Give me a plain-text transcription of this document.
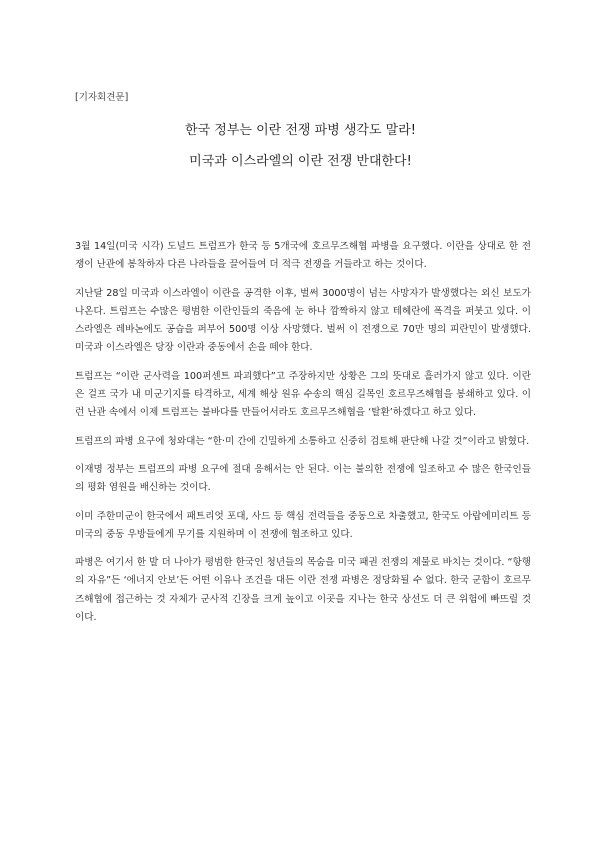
[기자회견문]
한국 정부는 이란 전쟁 파병 생각도 말라!
미국과 이스라엘의 이란 전쟁 반대한다!

3월 14일(미국 시각) 도널드 트럼프가 한국 등 5개국에 호르무즈해협 파병을 요구했다. 이란을 상대로 한 전쟁이 난관에 봉착하자 다른 나라들을 끌어들여 더 적극 전쟁을 거들라고 하는 것이다.

지난달 28일 미국과 이스라엘이 이란을 공격한 이후, 벌써 3000명이 넘는 사망자가 발생했다는 외신 보도가 나온다. 트럼프는 수많은 평범한 이란인들의 죽음에 눈 하나 깜짝하지 않고 테헤란에 폭격을 퍼붓고 있다. 이스라엘은 레바논에도 공습을 퍼부어 500명 이상 사망했다. 벌써 이 전쟁으로 70만 명의 피란민이 발생했다. 미국과 이스라엘은 당장 이란과 중동에서 손을 떼야 한다.

트럼프는 “이란 군사력을 100퍼센트 파괴했다”고 주장하지만 상황은 그의 뜻대로 흘러가지 않고 있다. 이란은 걸프 국가 내 미군기지를 타격하고, 세계 해상 원유 수송의 핵심 길목인 호르무즈해협을 봉쇄하고 있다. 이런 난관 속에서 이제 트럼프는 불바다를 만들어서라도 호르무즈해협을 ‘탈환’하겠다고 하고 있다.

트럼프의 파병 요구에 청와대는 “한·미 간에 긴밀하게 소통하고 신중히 검토해 판단해 나갈 것”이라고 밝혔다.

이재명 정부는 트럼프의 파병 요구에 절대 응해서는 안 된다. 이는 불의한 전쟁에 일조하고 수 많은 한국인들의 평화 염원을 배신하는 것이다.

이미 주한미군이 한국에서 패트리엇 포대, 사드 등 핵심 전력들을 중동으로 차출했고, 한국도 아랍에미리트 등 미국의 중동 우방들에게 무기를 지원하며 이 전쟁에 협조하고 있다.

파병은 여기서 한 발 더 나아가 평범한 한국인 청년들의 목숨을 미국 패권 전쟁의 제물로 바치는 것이다. “항행의 자유”든 ‘에너지 안보’든 어떤 이유나 조건을 대든 이란 전쟁 파병은 정당화될 수 없다. 한국 군함이 호르무즈해협에 접근하는 것 자체가 군사적 긴장을 크게 높이고 이곳을 지나는 한국 상선도 더 큰 위험에 빠뜨릴 것이다.
